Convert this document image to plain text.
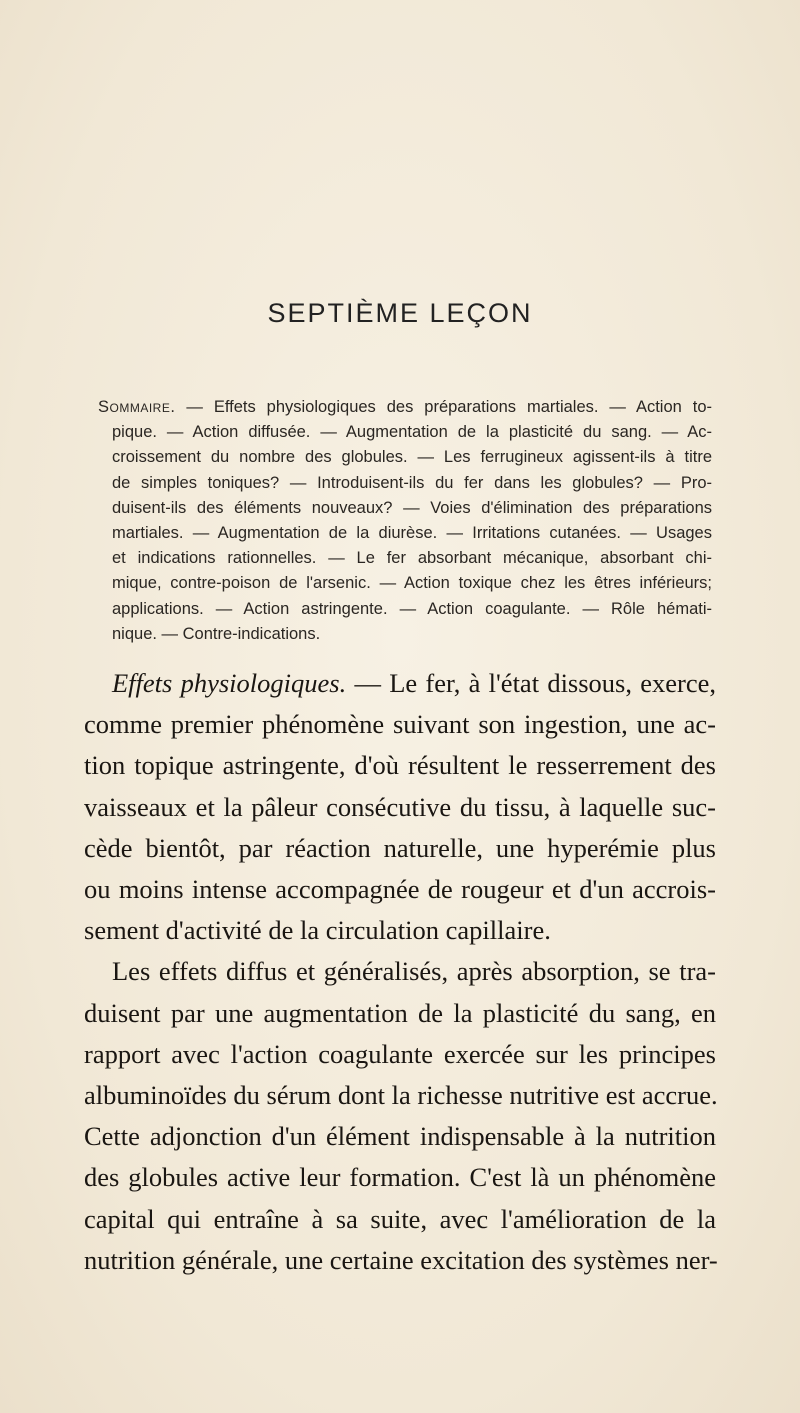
SEPTIÈME LEÇON
Sommaire. — Effets physiologiques des préparations martiales. — Action to-
pique. — Action diffusée. — Augmentation de la plasticité du sang. — Ac-
croissement du nombre des globules. — Les ferrugineux agissent-ils à titre
de simples toniques? — Introduisent-ils du fer dans les globules? — Pro-
duisent-ils des éléments nouveaux? — Voies d'élimination des préparations
martiales. — Augmentation de la diurèse. — Irritations cutanées. — Usages
et indications rationnelles. — Le fer absorbant mécanique, absorbant chi-
mique, contre-poison de l'arsenic. — Action toxique chez les êtres inférieurs;
applications. — Action astringente. — Action coagulante. — Rôle hémati-
nique. — Contre-indications.
Effets physiologiques. — Le fer, à l'état dissous, exerce,
comme premier phénomène suivant son ingestion, une ac-
tion topique astringente, d'où résultent le resserrement des
vaisseaux et la pâleur consécutive du tissu, à laquelle suc-
cède bientôt, par réaction naturelle, une hyperémie plus
ou moins intense accompagnée de rougeur et d'un accrois-
sement d'activité de la circulation capillaire.
Les effets diffus et généralisés, après absorption, se tra-
duisent par une augmentation de la plasticité du sang, en
rapport avec l'action coagulante exercée sur les principes
albuminoïdes du sérum dont la richesse nutritive est accrue.
Cette adjonction d'un élément indispensable à la nutrition
des globules active leur formation. C'est là un phénomène
capital qui entraîne à sa suite, avec l'amélioration de la
nutrition générale, une certaine excitation des systèmes ner-
